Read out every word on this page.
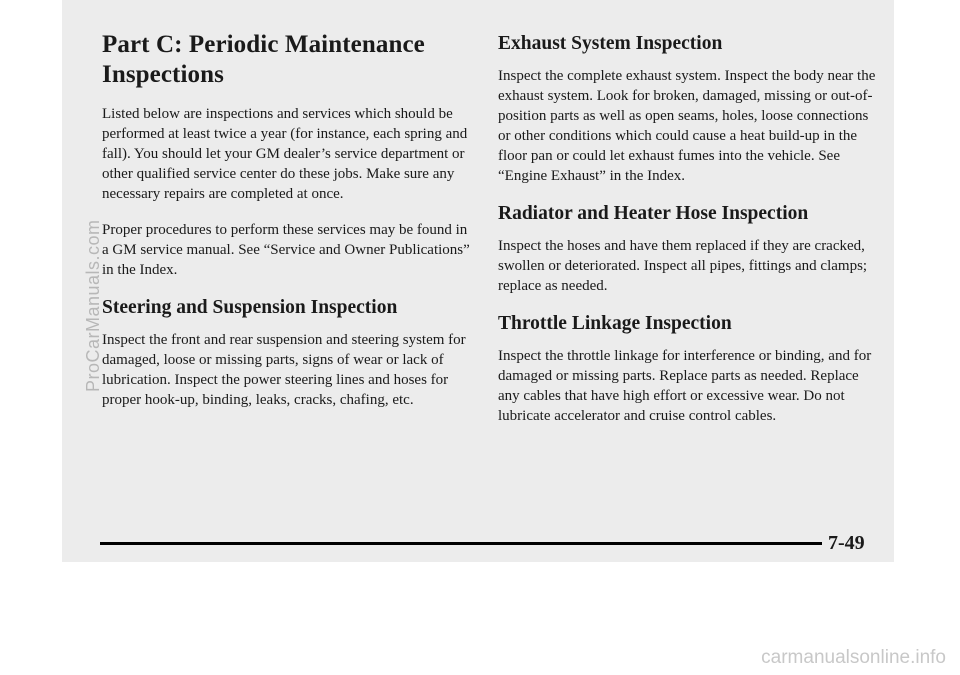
Part C: Periodic Maintenance Inspections

Listed below are inspections and services which should be performed at least twice a year (for instance, each spring and fall). You should let your GM dealer’s service department or other qualified service center do these jobs. Make sure any necessary repairs are completed at once.

Proper procedures to perform these services may be found in a GM service manual. See “Service and Owner Publications” in the Index.

Steering and Suspension Inspection

Inspect the front and rear suspension and steering system for damaged, loose or missing parts, signs of wear or lack of lubrication. Inspect the power steering lines and hoses for proper hook-up, binding, leaks, cracks, chafing, etc.

Exhaust System Inspection

Inspect the complete exhaust system. Inspect the body near the exhaust system. Look for broken, damaged, missing or out-of-position parts as well as open seams, holes, loose connections or other conditions which could cause a heat build-up in the floor pan or could let exhaust fumes into the vehicle. See “Engine Exhaust” in the Index.

Radiator and Heater Hose Inspection

Inspect the hoses and have them replaced if they are cracked, swollen or deteriorated. Inspect all pipes, fittings and clamps; replace as needed.

Throttle Linkage Inspection

Inspect the throttle linkage for interference or binding, and for damaged or missing parts. Replace parts as needed. Replace any cables that have high effort or excessive wear. Do not lubricate accelerator and cruise control cables.

7-49
ProCarManuals.com
carmanualsonline.info
